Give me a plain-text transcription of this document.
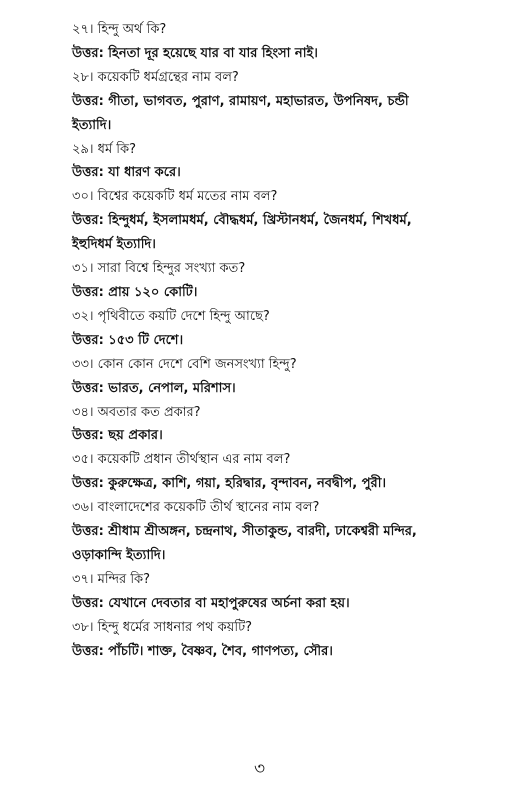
২৭। হিন্দু অর্থ কি?
উত্তর: হিনতা দূর হয়েছে যার বা যার হিংসা নাই।
২৮। কয়েকটি ধর্মগ্রন্থের নাম বল?
উত্তর: গীতা, ভাগবত, পুরাণ, রামায়ণ, মহাভারত, উপনিষদ, চন্ডী
ইত্যাদি।
২৯। ধর্ম কি?
উত্তর: যা ধারণ করে।
৩০। বিশ্বের কয়েকটি ধর্ম মতের নাম বল?
উত্তর: হিন্দুধর্ম, ইসলামধর্ম, বৌদ্ধধর্ম, খ্রিস্টানধর্ম, জৈনধর্ম, শিখধর্ম,
ইহুদিধর্ম ইত্যাদি।
৩১। সারা বিশ্বে হিন্দুর সংখ্যা কত?
উত্তর: প্রায় ১২০ কোটি।
৩২। পৃথিবীতে কয়টি দেশে হিন্দু আছে?
উত্তর: ১৫৩ টি দেশে।
৩৩। কোন কোন দেশে বেশি জনসংখ্যা হিন্দু?
উত্তর: ভারত, নেপাল, মরিশাস।
৩৪। অবতার কত প্রকার?
উত্তর: ছয় প্রকার।
৩৫। কয়েকটি প্রধান তীর্থস্থান এর নাম বল?
উত্তর: কুরুক্ষেত্র, কাশি, গয়া, হরিদ্বার, বৃন্দাবন, নবদ্বীপ, পুরী।
৩৬। বাংলাদেশের কয়েকটি তীর্থ স্থানের নাম বল?
উত্তর: শ্রীধাম শ্রীঅঙ্গন, চন্দ্রনাথ, সীতাকুন্ড, বারদী, ঢাকেশ্বরী মন্দির,
ওড়াকান্দি ইত্যাদি।
৩৭। মন্দির কি?
উত্তর: যেখানে দেবতার বা মহাপুরুষের অর্চনা করা হয়।
৩৮। হিন্দু ধর্মের সাধনার পথ কয়টি?
উত্তর: পাঁচটি। শাক্ত, বৈষ্ণব, শৈব, গাণপত্য, সৌর।
৩
